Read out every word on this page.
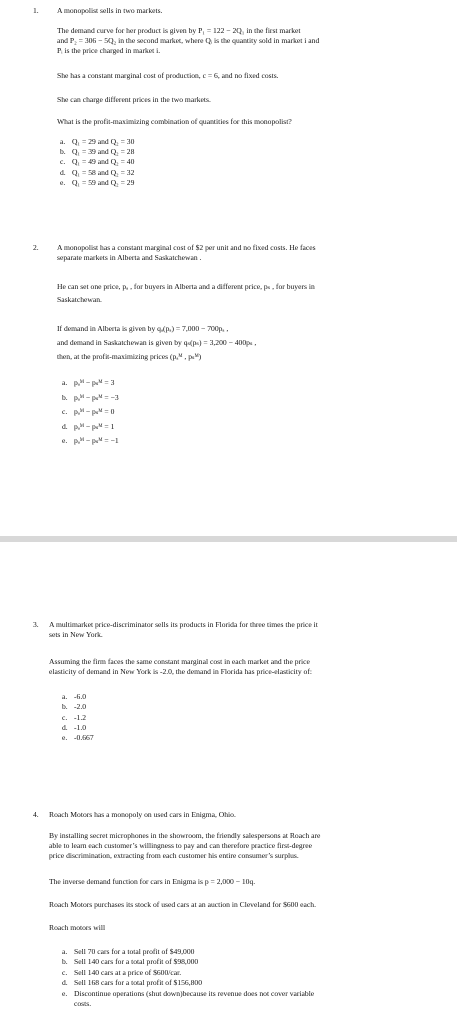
1. A monopolist sells in two markets.
The demand curve for her product is given by P₁ = 122 − 2Q₁ in the first market
and P₂ = 306 − 5Q₂ in the second market, where Qᵢ is the quantity sold in market i and
Pᵢ is the price charged in market i.
She has a constant marginal cost of production, c = 6, and no fixed costs.
She can charge different prices in the two markets.
What is the profit-maximizing combination of quantities for this monopolist?
a. Q₁ = 29 and Q₂ = 30
b. Q₁ = 39 and Q₂ = 28
c. Q₁ = 49 and Q₂ = 40
d. Q₁ = 58 and Q₂ = 32
e. Q₁ = 59 and Q₂ = 29
2. A monopolist has a constant marginal cost of $2 per unit and no fixed costs. He faces
separate markets in Alberta and Saskatchewan .
He can set one price, pₐ , for buyers in Alberta and a different price, pₛ , for buyers in
Saskatchewan.
If demand in Alberta is given by qₐ(pₐ) = 7,000 − 700pₐ ,
and demand in Saskatchewan is given by qₛ(pₛ) = 3,200 − 400pₛ ,
then, at the profit-maximizing prices (pₐᴹ , pₛᴹ)
a. pₐᴹ − pₛᴹ = 3
b. pₐᴹ − pₛᴹ = −3
c. pₐᴹ − pₛᴹ = 0
d. pₐᴹ − pₛᴹ = 1
e. pₐᴹ − pₛᴹ = −1
3. A multimarket price-discriminator sells its products in Florida for three times the price it
sets in New York.
Assuming the firm faces the same constant marginal cost in each market and the price
elasticity of demand in New York is -2.0, the demand in Florida has price-elasticity of:
a. -6.0
b. -2.0
c. -1.2
d. -1.0
e. -0.667
4. Roach Motors has a monopoly on used cars in Enigma, Ohio.
By installing secret microphones in the showroom, the friendly salespersons at Roach are
able to learn each customer’s willingness to pay and can therefore practice first-degree
price discrimination, extracting from each customer his entire consumer’s surplus.
The inverse demand function for cars in Enigma is p = 2,000 − 10q.
Roach Motors purchases its stock of used cars at an auction in Cleveland for $600 each.
Roach motors will
a. Sell 70 cars for a total profit of $49,000
b. Sell 140 cars for a total profit of $98,000
c. Sell 140 cars at a price of $600/car.
d. Sell 168 cars for a total profit of $156,800
e. Discontinue operations (shut down)because its revenue does not cover variable
costs.
